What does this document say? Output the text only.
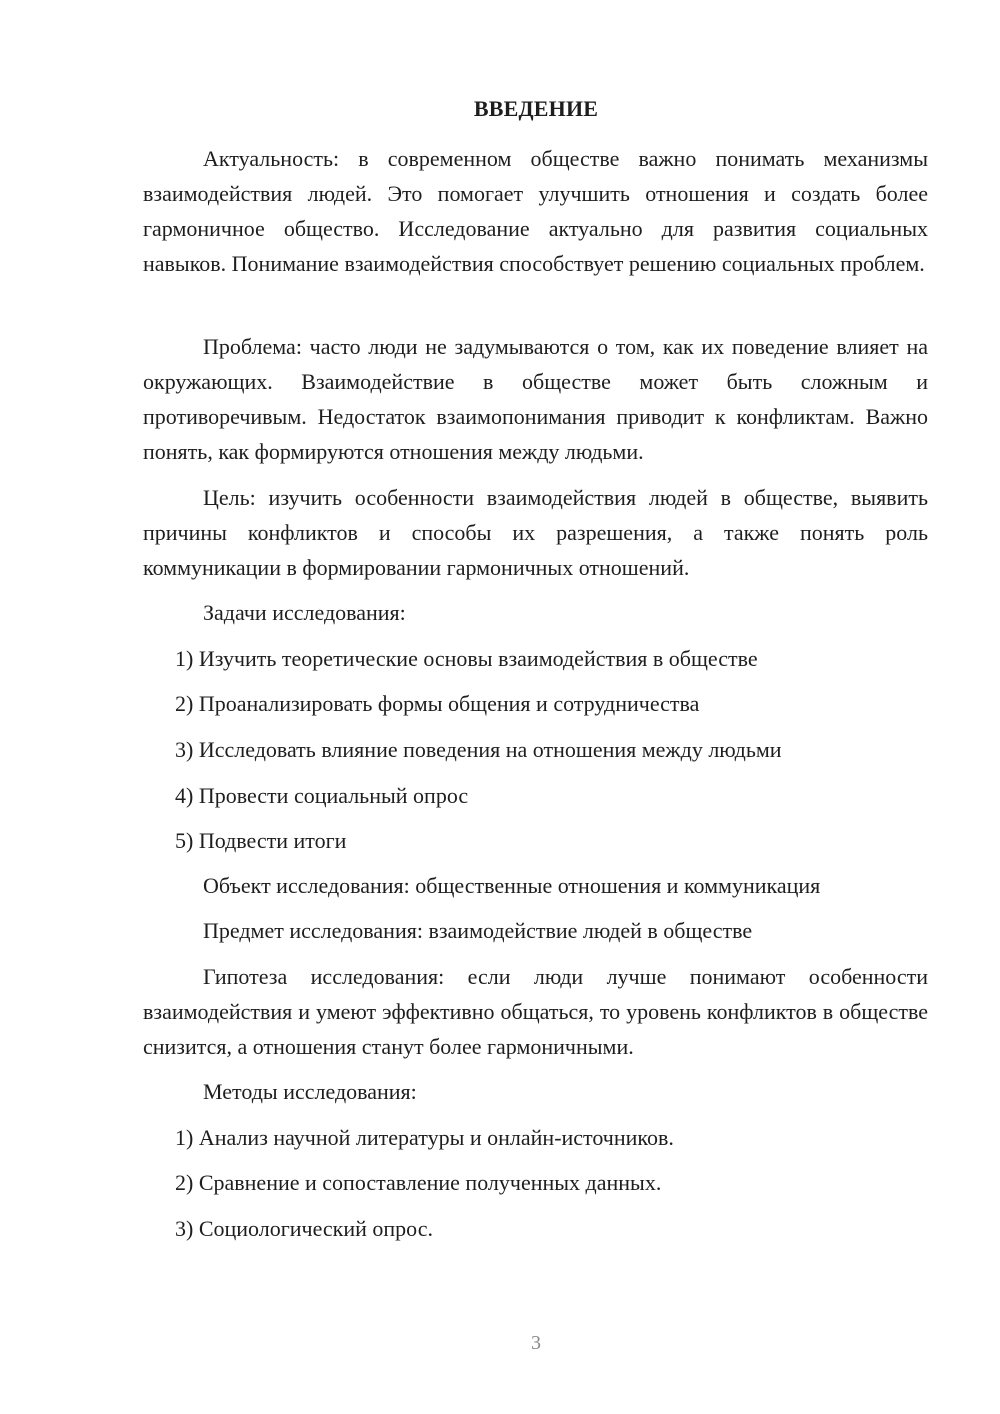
ВВЕДЕНИЕ

Актуальность: в современном обществе важно понимать механизмы взаимодействия людей. Это помогает улучшить отношения и создать более гармоничное общество. Исследование актуально для развития социальных навыков. Понимание взаимодействия способствует решению социальных проблем.

Проблема: часто люди не задумываются о том, как их поведение влияет на окружающих. Взаимодействие в обществе может быть сложным и противоречивым. Недостаток взаимопонимания приводит к конфликтам. Важно понять, как формируются отношения между людьми.

Цель: изучить особенности взаимодействия людей в обществе, выявить причины конфликтов и способы их разрешения, а также понять роль коммуникации в формировании гармоничных отношений.

Задачи исследования:

1) Изучить теоретические основы взаимодействия в обществе

2) Проанализировать формы общения и сотрудничества

3) Исследовать влияние поведения на отношения между людьми

4) Провести социальный опрос

5) Подвести итоги

Объект исследования: общественные отношения и коммуникация

Предмет исследования: взаимодействие людей в обществе

Гипотеза исследования: если люди лучше понимают особенности взаимодействия и умеют эффективно общаться, то уровень конфликтов в обществе снизится, а отношения станут более гармоничными.

Методы исследования:

1) Анализ научной литературы и онлайн-источников.

2) Сравнение и сопоставление полученных данных.

3) Социологический опрос.

3
